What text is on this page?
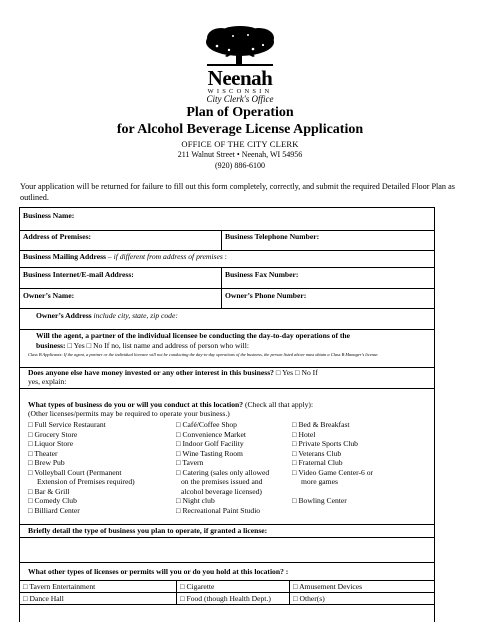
Neenah
WISCONSIN
City Clerk's Office
Plan of Operation
for Alcohol Beverage License Application
OFFICE OF THE CITY CLERK
211 Walnut Street • Neenah, WI 54956
(920) 886-6100
Your application will be returned for failure to fill out this form completely, correctly, and submit the required Detailed Floor Plan as outlined.
Business Name:
Address of Premises:	Business Telephone Number:
Business Mailing Address – if different from address of premises :
Business Internet/E-mail Address:	Business Fax Number:
Owner’s Name:	Owner’s Phone Number:
Owner’s Address include city, state, zip code:
Will the agent, a partner of the individual licensee be conducting the day-to-day operations of the
business: □ Yes □ No If no, list name and address of person who will:
Class B Applicants: If the agent, a partner or the individual licensee will not be conducting the day-to-day operations of the business, the person listed above must obtain a Class B Manager’s license.
Does anyone else have money invested or any other interest in this business? □ Yes □ No If
yes, explain:
What types of business do you or will you conduct at this location? (Check all that apply):
(Other licenses/permits may be required to operate your business.)
□ Full Service Restaurant
□ Grocery Store
□ Liquor Store
□ Theater
□ Brew Pub
□ Volleyball Court (Permanent
Extension of Premises required)
□ Bar & Grill
□ Comedy Club
□ Billiard Center
□ Café/Coffee Shop
□ Convenience Market
□ Indoor Golf Facility
□ Wine Tasting Room
□ Tavern
□ Catering (sales only allowed
on the premises issued and
alcohol beverage licensed)
□ Night club
□ Recreational Paint Studio
□ Bed & Breakfast
□ Hotel
□ Private Sports Club
□ Veterans Club
□ Fraternal Club
□ Video Game Center-6 or
more games

□ Bowling Center

Briefly detail the type of business you plan to operate, if granted a license:
What other types of licenses or permits will you or do you hold at this location? :
□ Tavern Entertainment	□ Cigarette	□ Amusement Devices
□ Dance Hall	□ Food (though Health Dept.)	□ Other(s)
